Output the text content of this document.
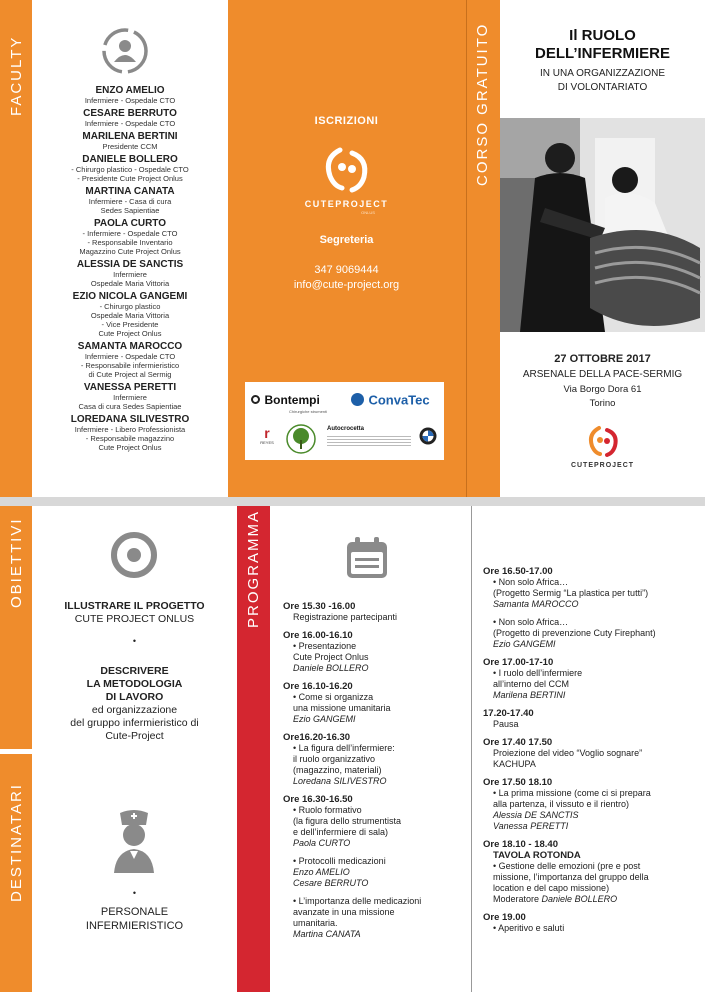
FACULTY	ENZO AMELIO
Infermiere - Ospedale CTO
CESARE BERRUTO
Infermiere - Ospedale CTO
MARILENA BERTINI
Presidente CCM
DANIELE BOLLERO
- Chirurgo plastico - Ospedale CTO
- Presidente Cute Project Onlus
MARTINA CANATA
Infermiere - Casa di cura
Sedes Sapientiae
PAOLA CURTO
- Infermiere - Ospedale CTO
- Responsabile Inventario
Magazzino Cute Project Onlus
ALESSIA DE SANCTIS
Infermiere
Ospedale Maria Vittoria
EZIO NICOLA GANGEMI
- Chirurgo plastico
Ospedale Maria Vittoria
- Vice Presidente
Cute Project Onlus
SAMANTA MAROCCO
Infermiere - Ospedale CTO
- Responsabile infermieristico
di Cute Project al Sermig
VANESSA PERETTI
Infermiere
Casa di cura Sedes Sapientiae
LOREDANA SILIVESTRO
Infermiere - Libero Professionista
- Responsabile magazzino
Cute Project Onlus
ISCRIZIONI
CUTEPROJECT
ONLUS
Segreteria
347 9069444
info@cute-project.org
Bontempi
Chirurgiche strumenti
ConvaTec
r
REYES
Autocrocetta
CORSO GRATUITO	Il RUOLO
DELL’INFERMIERE
IN UNA ORGANIZZAZIONE
DI VOLONTARIATO
27 OTTOBRE 2017
ARSENALE DELLA PACE-SERMIG
Via Borgo Dora 61
Torino
CUTEPROJECT
OBIETTIVI
DESTINATARI
ILLUSTRARE IL PROGETTO
CUTE PROJECT ONLUS
•
DESCRIVERE
LA METODOLOGIA
DI LAVORO
ed organizzazione
del gruppo infermieristico di
Cute-Project
•
PERSONALE
INFERMIERISTICO
PROGRAMMA Ore 15.30 -16.00
Registrazione partecipanti
Ore 16.00-16.10
• Presentazione
Cute Project Onlus
Daniele BOLLERO
Ore 16.10-16.20
• Come si organizza
una missione umanitaria
Ezio GANGEMI
Ore16.20-16.30
• La figura dell’infermiere:
il ruolo organizzativo
(magazzino, materiali)
Loredana SILIVESTRO
Ore 16.30-16.50
• Ruolo formativo
(la figura dello strumentista
e dell’infermiere di sala)
Paola CURTO
• Protocolli medicazioni
Enzo AMELIO
Cesare BERRUTO
• L’importanza delle medicazioni
avanzate in una missione
umanitaria.
Martina CANATA
Ore 16.50-17.00
• Non solo Africa…
(Progetto Sermig “La plastica per tutti”)
Samanta MAROCCO
• Non solo Africa…
(Progetto di prevenzione Cuty Firephant)
Ezio GANGEMI
Ore 17.00-17-10
• I ruolo dell’infermiere
all’interno del CCM
Marilena BERTINI
17.20-17.40
Pausa
Ore 17.40 17.50
Proiezione del video “Voglio sognare”
KACHUPA
Ore 17.50 18.10
• La prima missione (come ci si prepara
alla partenza, il vissuto e il rientro)
Alessia DE SANCTIS
Vanessa PERETTI
Ore 18.10 - 18.40
TAVOLA ROTONDA
• Gestione delle emozioni (pre e post
missione, l’importanza del gruppo della
location e del capo missione)
Moderatore Daniele BOLLERO
Ore 19.00
• Aperitivo e saluti
